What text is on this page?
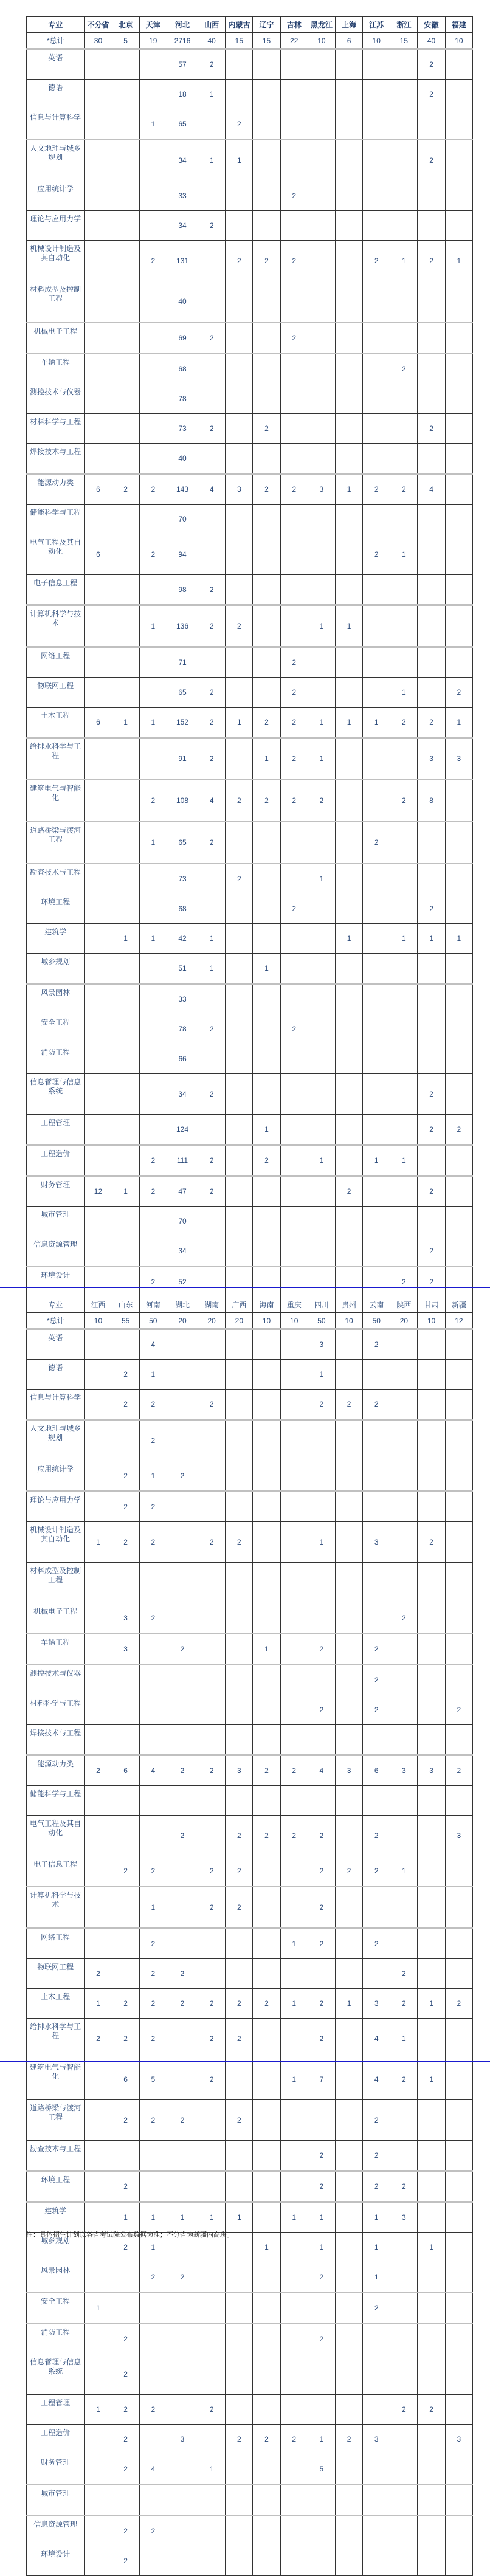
专业	不分省	北京	天津	河北	山西	内蒙古	辽宁	吉林	黑龙江	上海	江苏	浙江	安徽	福建
*总计	30	5	19	2716	40	15	15	22	10	6	10	15	40	10
英语				57	2								2	
德语				18	1								2	
信息与计算科学			1	65		2								
人文地理与城乡规划				34	1	1							2	
应用统计学				33				2						
理论与应用力学				34	2									
机械设计制造及其自动化			2	131		2	2	2			2	1	2	1
材料成型及控制工程				40										
机械电子工程				69	2			2						
车辆工程				68								2		
测控技术与仪器				78										
材料科学与工程				73	2		2						2	
焊接技术与工程				40										
能源动力类	6	2	2	143	4	3	2	2	3	1	2	2	4	
储能科学与工程				70										
电气工程及其自动化	6		2	94							2	1		
电子信息工程				98	2									
计算机科学与技术			1	136	2	2			1	1				
网络工程				71				2						
物联网工程				65	2			2				1		2
土木工程	6	1	1	152	2	1	2	2	1	1	1	2	2	1
给排水科学与工程				91	2		1	2	1				3	3
建筑电气与智能化			2	108	4	2	2	2	2			2	8	
道路桥梁与渡河工程			1	65	2						2			
勘查技术与工程				73		2			1					
环境工程				68				2					2	
建筑学		1	1	42	1					1		1	1	1
城乡规划				51	1		1							
风景园林				33										
安全工程				78	2			2						
消防工程				66										
信息管理与信息系统				34	2								2	
工程管理				124			1						2	2
工程造价			2	111	2		2		1		1	1		
财务管理	12	1	2	47	2					2			2	
城市管理				70										
信息资源管理				34									2	
环境设计			2	52								2	2	
专业	江西	山东	河南	湖北	湖南	广西	海南	重庆	四川	贵州	云南	陕西	甘肃	新疆
*总计	10	55	50	20	20	20	10	10	50	10	50	20	10	12
英语			4						3		2			
德语		2	1						1					
信息与计算科学		2	2		2				2	2	2			
人文地理与城乡规划			2											
应用统计学		2	1	2										
理论与应用力学		2	2											
机械设计制造及其自动化	1	2	2		2	2			1		3		2	
材料成型及控制工程														
机械电子工程		3	2									2		
车辆工程		3		2			1		2		2			
测控技术与仪器											2			
材料科学与工程									2		2			2
焊接技术与工程														
能源动力类	2	6	4	2	2	3	2	2	4	3	6	3	3	2
储能科学与工程														
电气工程及其自动化				2		2	2	2	2		2			3
电子信息工程		2	2		2	2			2	2	2	1		
计算机科学与技术			1		2	2			2					
网络工程			2					1	2		2			
物联网工程	2		2	2								2		
土木工程	1	2	2	2	2	2	2	1	2	1	3	2	1	2
给排水科学与工程	2	2	2		2	2			2		4	1		
建筑电气与智能化		6	5		2			1	7		4	2	1	
道路桥梁与渡河工程		2	2	2		2					2			
勘查技术与工程									2		2			
环境工程		2							2		2	2		
建筑学		1	1	1	1	1		1	1		1	3		
城乡规划		2	1				1		1		1		1	
风景园林			2	2					2		1			
安全工程	1										2			
消防工程		2							2					
信息管理与信息系统		2												
工程管理	1	2	2		2							2	2	
工程造价		2		3		2	2	2	1	2	3			3
财务管理		2	4		1				5					
城市管理														
信息资源管理		2	2											
环境设计		2												
注：具体招生计划以各省考试院公布数据为准；不分省为新疆内高班。
